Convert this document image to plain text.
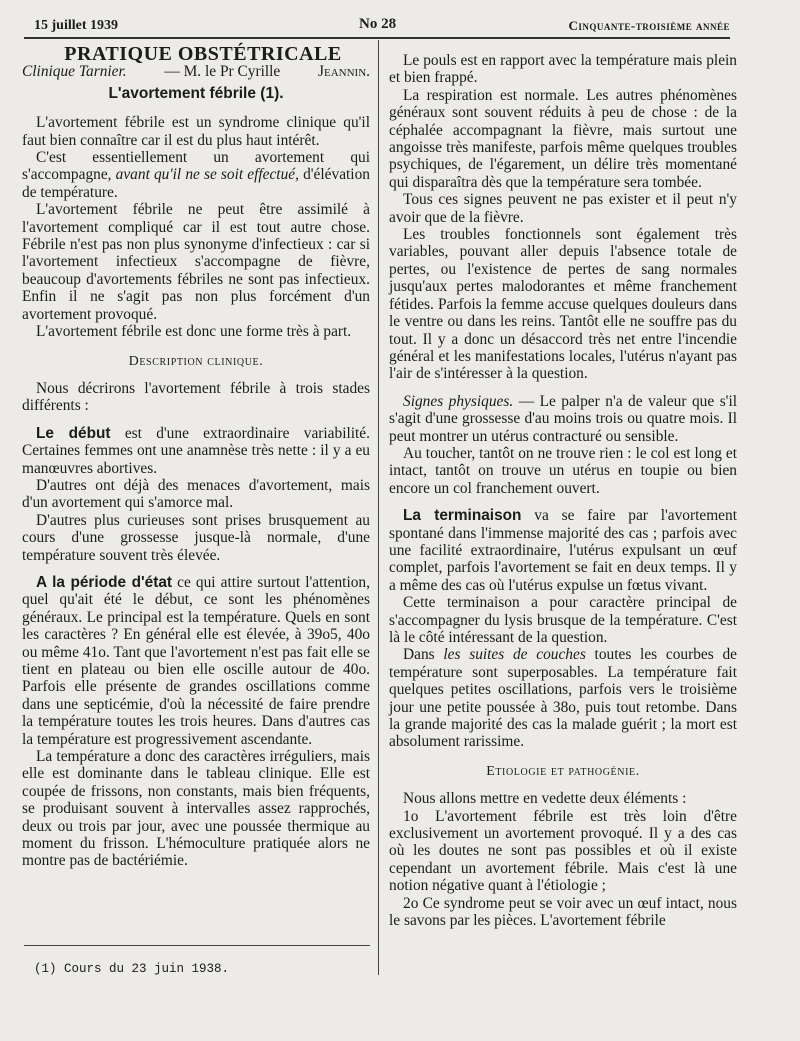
15 juillet 1939	No 28	Cinquante-troisième année

PRATIQUE OBSTÉTRICALE

Clinique Tarnier. — M. le Pr Cyrille Jeannin.

L'avortement fébrile (1).

L'avortement fébrile est un syndrome clinique qu'il faut bien connaître car il est du plus haut intérêt.

C'est essentiellement un avortement qui s'accompagne, avant qu'il ne se soit effectué, d'élévation de température.

L'avortement fébrile ne peut être assimilé à l'avortement compliqué car il est tout autre chose. Fébrile n'est pas non plus synonyme d'infectieux : car si l'avortement infectieux s'accompagne de fièvre, beaucoup d'avortements fébriles ne sont pas infectieux. Enfin il ne s'agit pas non plus forcément d'un avortement provoqué.

L'avortement fébrile est donc une forme très à part.

Description clinique.

Nous décrirons l'avortement fébrile à trois stades différents :

Le début est d'une extraordinaire variabilité. Certaines femmes ont une anamnèse très nette : il y a eu manœuvres abortives.

D'autres ont déjà des menaces d'avortement, mais d'un avortement qui s'amorce mal.

D'autres plus curieuses sont prises brusquement au cours d'une grossesse jusque-là normale, d'une température souvent très élevée.

A la période d'état ce qui attire surtout l'attention, quel qu'ait été le début, ce sont les phénomènes généraux. Le principal est la température. Quels en sont les caractères ? En général elle est élevée, à 39o5, 40o ou même 41o. Tant que l'avortement n'est pas fait elle se tient en plateau ou bien elle oscille autour de 40o. Parfois elle présente de grandes oscillations comme dans une septicémie, d'où la nécessité de faire prendre la température toutes les trois heures. Dans d'autres cas la température est progressivement ascendante.

La température a donc des caractères irréguliers, mais elle est dominante dans le tableau clinique. Elle est coupée de frissons, non constants, mais bien fréquents, se produisant souvent à intervalles assez rapprochés, deux ou trois par jour, avec une poussée thermique au moment du frisson. L'hémoculture pratiquée alors ne montre pas de bactériémie.

(1) Cours du 23 juin 1938.

Le pouls est en rapport avec la température mais plein et bien frappé.

La respiration est normale. Les autres phénomènes généraux sont souvent réduits à peu de chose : de la céphalée accompagnant la fièvre, mais surtout une angoisse très manifeste, parfois même quelques troubles psychiques, de l'égarement, un délire très momentané qui disparaîtra dès que la température sera tombée.

Tous ces signes peuvent ne pas exister et il peut n'y avoir que de la fièvre.

Les troubles fonctionnels sont également très variables, pouvant aller depuis l'absence totale de pertes, ou l'existence de pertes de sang normales jusqu'aux pertes malodorantes et même franchement fétides. Parfois la femme accuse quelques douleurs dans le ventre ou dans les reins. Tantôt elle ne souffre pas du tout. Il y a donc un désaccord très net entre l'incendie général et les manifestations locales, l'utérus n'ayant pas l'air de s'intéresser à la question.

Signes physiques. — Le palper n'a de valeur que s'il s'agit d'une grossesse d'au moins trois ou quatre mois. Il peut montrer un utérus contracturé ou sensible.

Au toucher, tantôt on ne trouve rien : le col est long et intact, tantôt on trouve un utérus en toupie ou bien encore un col franchement ouvert.

La terminaison va se faire par l'avortement spontané dans l'immense majorité des cas ; parfois avec une facilité extraordinaire, l'utérus expulsant un œuf complet, parfois l'avortement se fait en deux temps. Il y a même des cas où l'utérus expulse un fœtus vivant.

Cette terminaison a pour caractère principal de s'accompagner du lysis brusque de la température. C'est là le côté intéressant de la question.

Dans les suites de couches toutes les courbes de température sont superposables. La température fait quelques petites oscillations, parfois vers le troisième jour une petite poussée à 38o, puis tout retombe. Dans la grande majorité des cas la malade guérit ; la mort est absolument rarissime.

Etiologie et pathogénie.

Nous allons mettre en vedette deux éléments :

1o L'avortement fébrile est très loin d'être exclusivement un avortement provoqué. Il y a des cas où les doutes ne sont pas possibles et où il existe cependant un avortement fébrile. Mais c'est là une notion négative quant à l'étiologie ;

2o Ce syndrome peut se voir avec un œuf intact, nous le savons par les pièces. L'avortement fébrile
